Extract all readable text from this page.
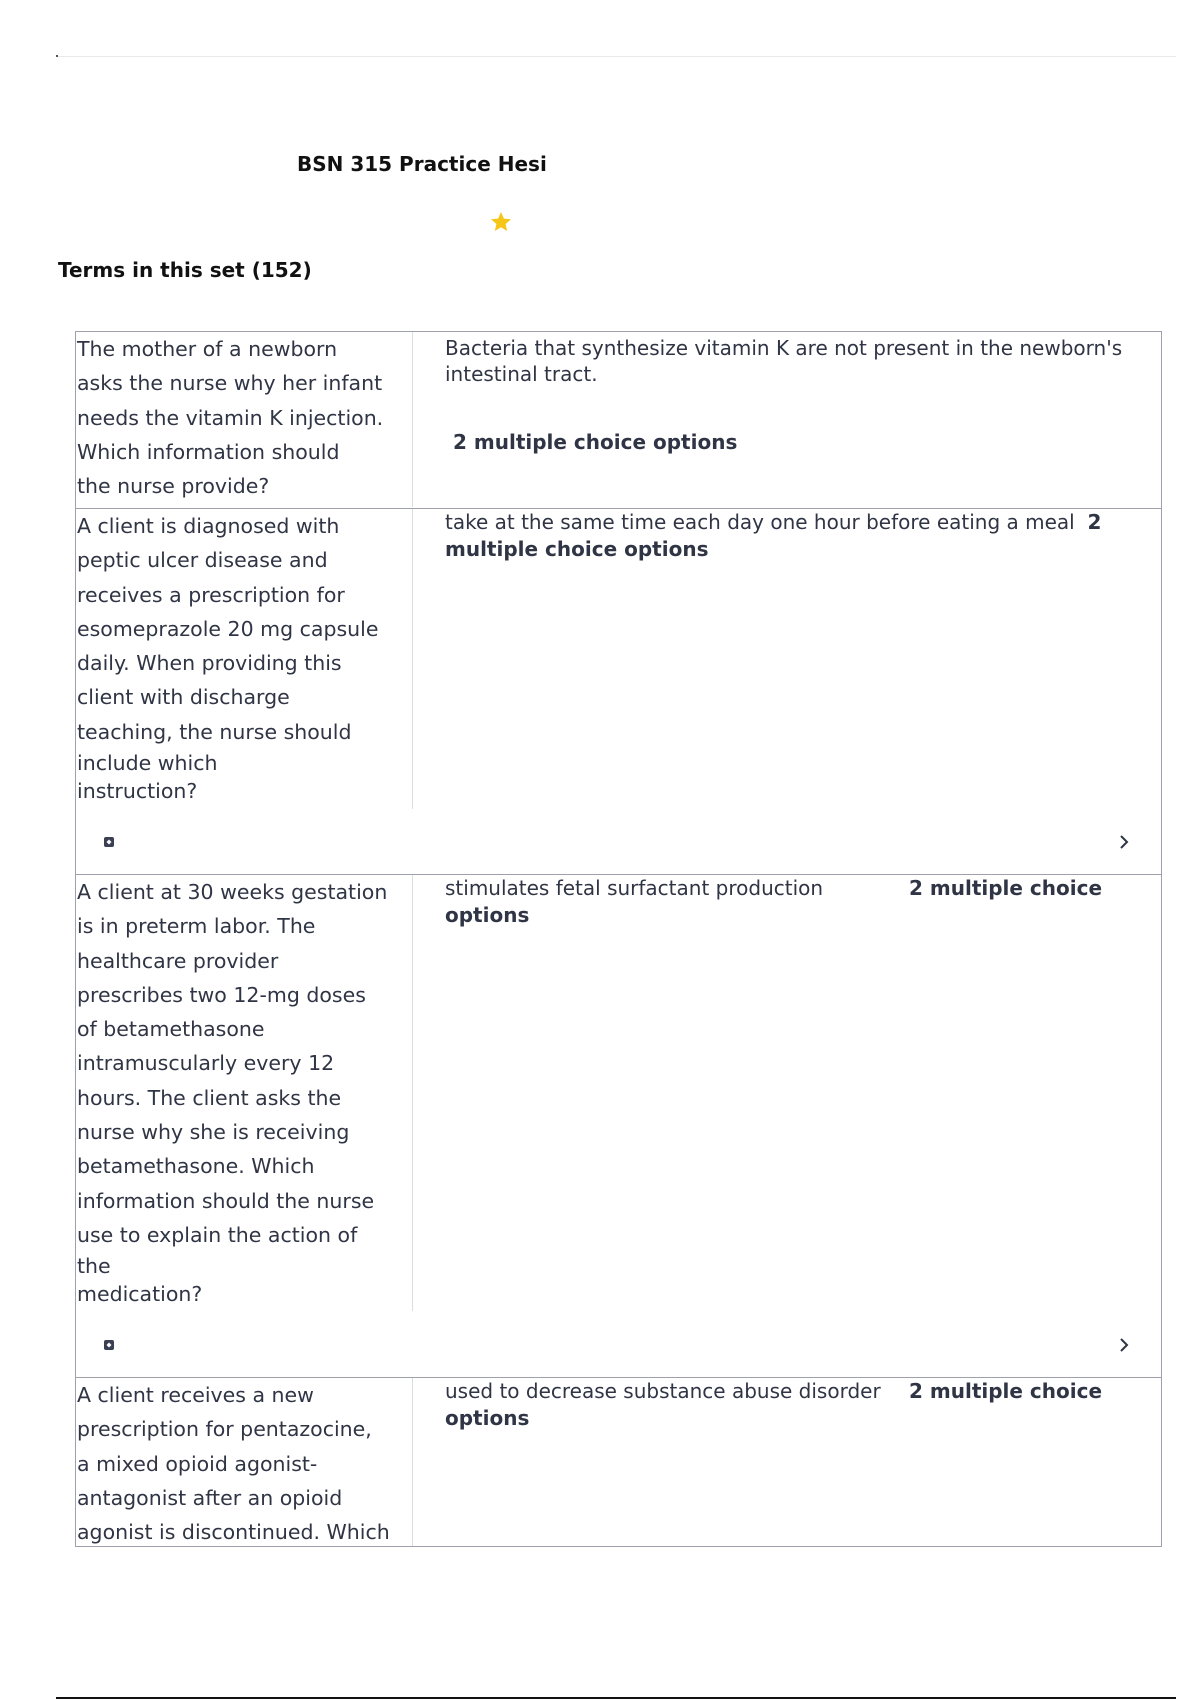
BSN 315 Practice Hesi
Terms in this set (152)
The mother of a newborn
asks the nurse why her infant
needs the vitamin K injection.
Which information should
the nurse provide?
Bacteria that synthesize vitamin K are not present in the newborn's intestinal tract.
2 multiple choice options
A client is diagnosed with
peptic ulcer disease and
receives a prescription for
esomeprazole 20 mg capsule
daily. When providing this
client with discharge
teaching, the nurse should
include which
instruction?
take at the same time each day one hour before eating a meal 2 multiple choice options
A client at 30 weeks gestation
is in preterm labor. The
healthcare provider
prescribes two 12-mg doses
of betamethasone
intramuscularly every 12
hours. The client asks the
nurse why she is receiving
betamethasone. Which
information should the nurse
use to explain the action of
the
medication?
stimulates fetal surfactant production	2 multiple choice
options
A client receives a new
prescription for pentazocine,
a mixed opioid agonist-
antagonist after an opioid
agonist is discontinued. Which
used to decrease substance abuse disorder 2 multiple choice
options
